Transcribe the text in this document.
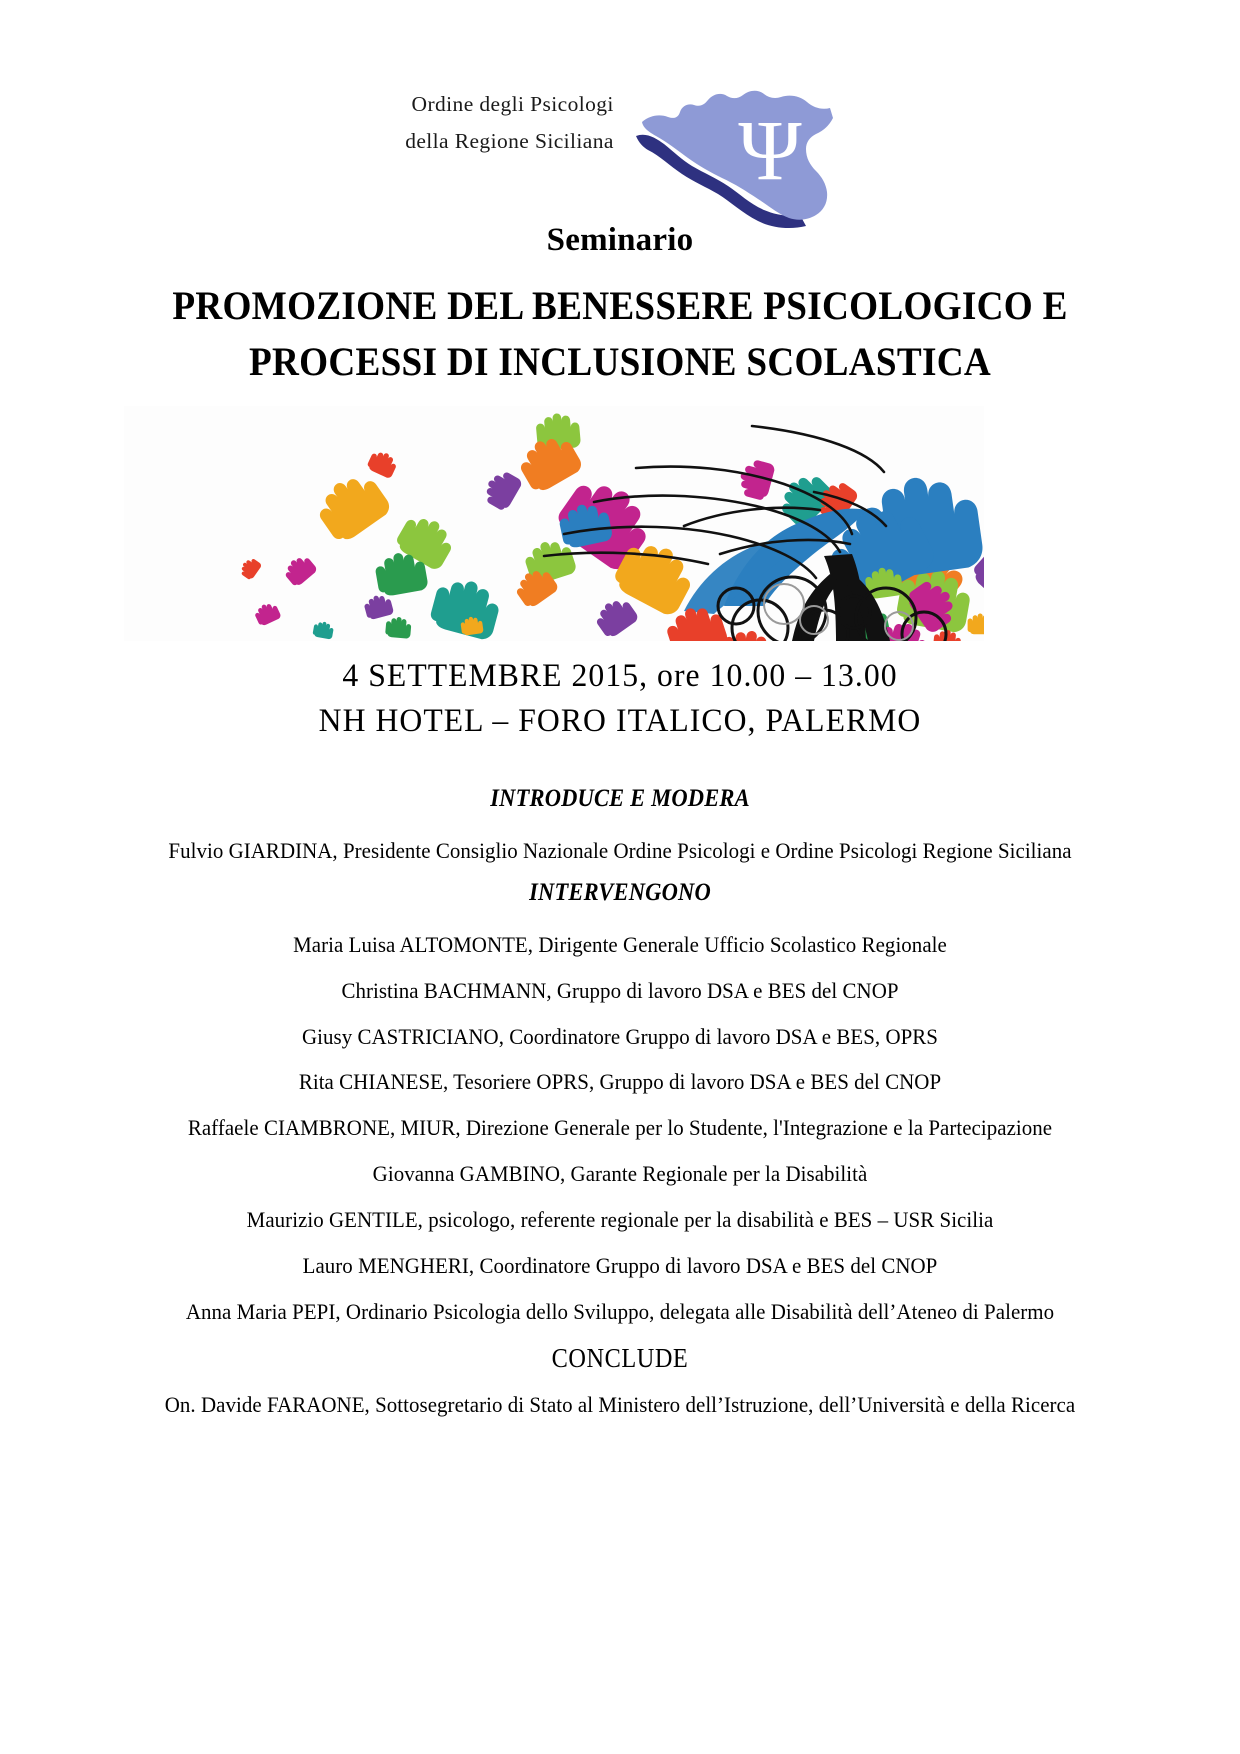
Ordine degli Psicologi
della Regione Siciliana Ψ
Seminario
PROMOZIONE DEL BENESSERE PSICOLOGICO E
PROCESSI DI INCLUSIONE SCOLASTICA
4 SETTEMBRE 2015, ore 10.00 – 13.00
NH HOTEL – FORO ITALICO, PALERMO
INTRODUCE E MODERA
Fulvio GIARDINA, Presidente Consiglio Nazionale Ordine Psicologi e Ordine Psicologi Regione Siciliana
INTERVENGONO
Maria Luisa ALTOMONTE, Dirigente Generale Ufficio Scolastico Regionale
Christina BACHMANN, Gruppo di lavoro DSA e BES del CNOP
Giusy CASTRICIANO, Coordinatore Gruppo di lavoro DSA e BES, OPRS
Rita CHIANESE, Tesoriere OPRS, Gruppo di lavoro DSA e BES del CNOP
Raffaele CIAMBRONE, MIUR, Direzione Generale per lo Studente, l'Integrazione e la Partecipazione
Giovanna GAMBINO, Garante Regionale per la Disabilità
Maurizio GENTILE, psicologo, referente regionale per la disabilità e BES – USR Sicilia
Lauro MENGHERI, Coordinatore Gruppo di lavoro DSA e BES del CNOP
Anna Maria PEPI, Ordinario Psicologia dello Sviluppo, delegata alle Disabilità dell’Ateneo di Palermo
CONCLUDE
On. Davide FARAONE, Sottosegretario di Stato al Ministero dell’Istruzione, dell’Università e della Ricerca
